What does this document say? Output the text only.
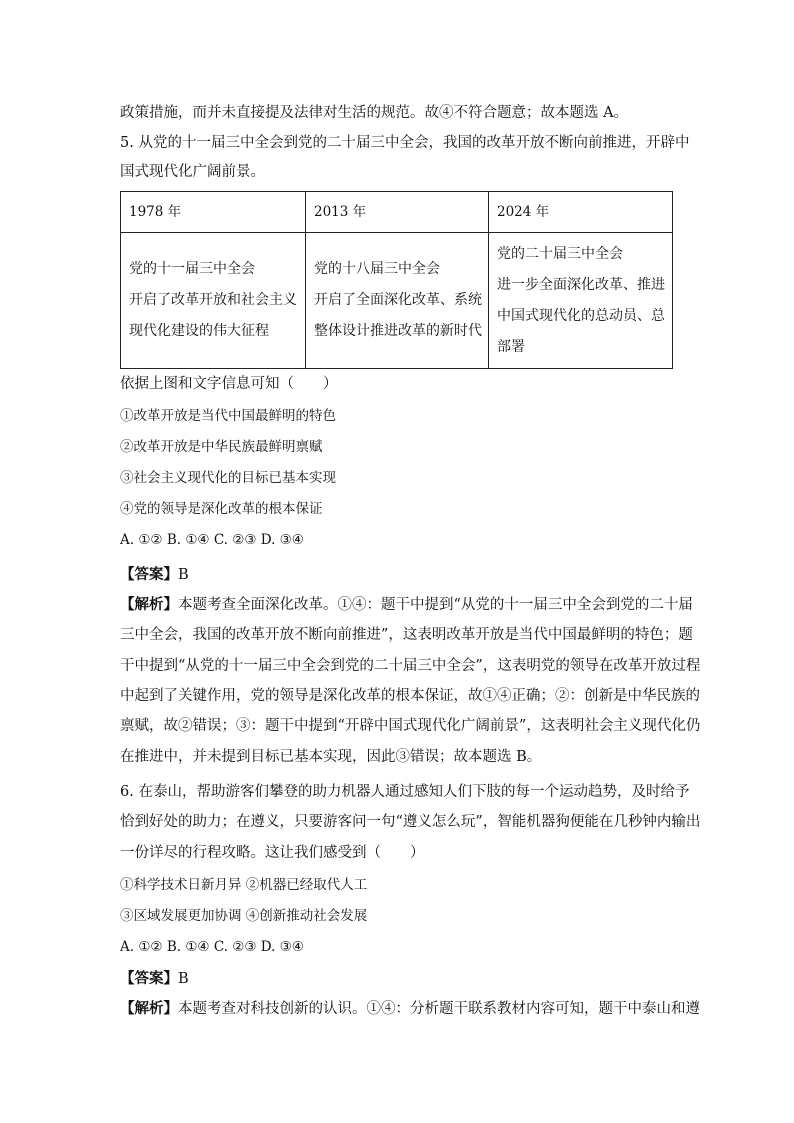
政策措施，而并未直接提及法律对生活的规范。故④不符合题意；故本题选 A。
5. 从党的十一届三中全会到党的二十届三中全会，我国的改革开放不断向前推进，开辟中
国式现代化广阔前景。
1978 年	2013 年	2024 年

党的十一届三中全会
开启了改革开放和社会主义
现代化建设的伟大征程	党的十八届三中全会
开启了全面深化改革、系统
整体设计推进改革的新时代	党的二十届三中全会
进一步全面深化改革、推进
中国式现代化的总动员、总
部署
依据上图和文字信息可知（　　）
①改革开放是当代中国最鲜明的特色
②改革开放是中华民族最鲜明禀赋
③社会主义现代化的目标已基本实现
④党的领导是深化改革的根本保证
A. ①② B. ①④ C. ②③ D. ③④
【答案】B
【解析】本题考查全面深化改革。①④：题干中提到“从党的十一届三中全会到党的二十届
三中全会，我国的改革开放不断向前推进”，这表明改革开放是当代中国最鲜明的特色；题
干中提到“从党的十一届三中全会到党的二十届三中全会”，这表明党的领导在改革开放过程
中起到了关键作用，党的领导是深化改革的根本保证，故①④正确；②：创新是中华民族的
禀赋，故②错误；③：题干中提到“开辟中国式现代化广阔前景”，这表明社会主义现代化仍
在推进中，并未提到目标已基本实现，因此③错误；故本题选 B。
6. 在泰山，帮助游客们攀登的助力机器人通过感知人们下肢的每一个运动趋势，及时给予
恰到好处的助力；在遵义，只要游客问一句“遵义怎么玩”，智能机器狗便能在几秒钟内输出
一份详尽的行程攻略。这让我们感受到（　　）
①科学技术日新月异 ②机器已经取代人工
③区域发展更加协调 ④创新推动社会发展
A. ①② B. ①④ C. ②③ D. ③④
【答案】B
【解析】本题考查对科技创新的认识。①④：分析题干联系教材内容可知，题干中泰山和遵
